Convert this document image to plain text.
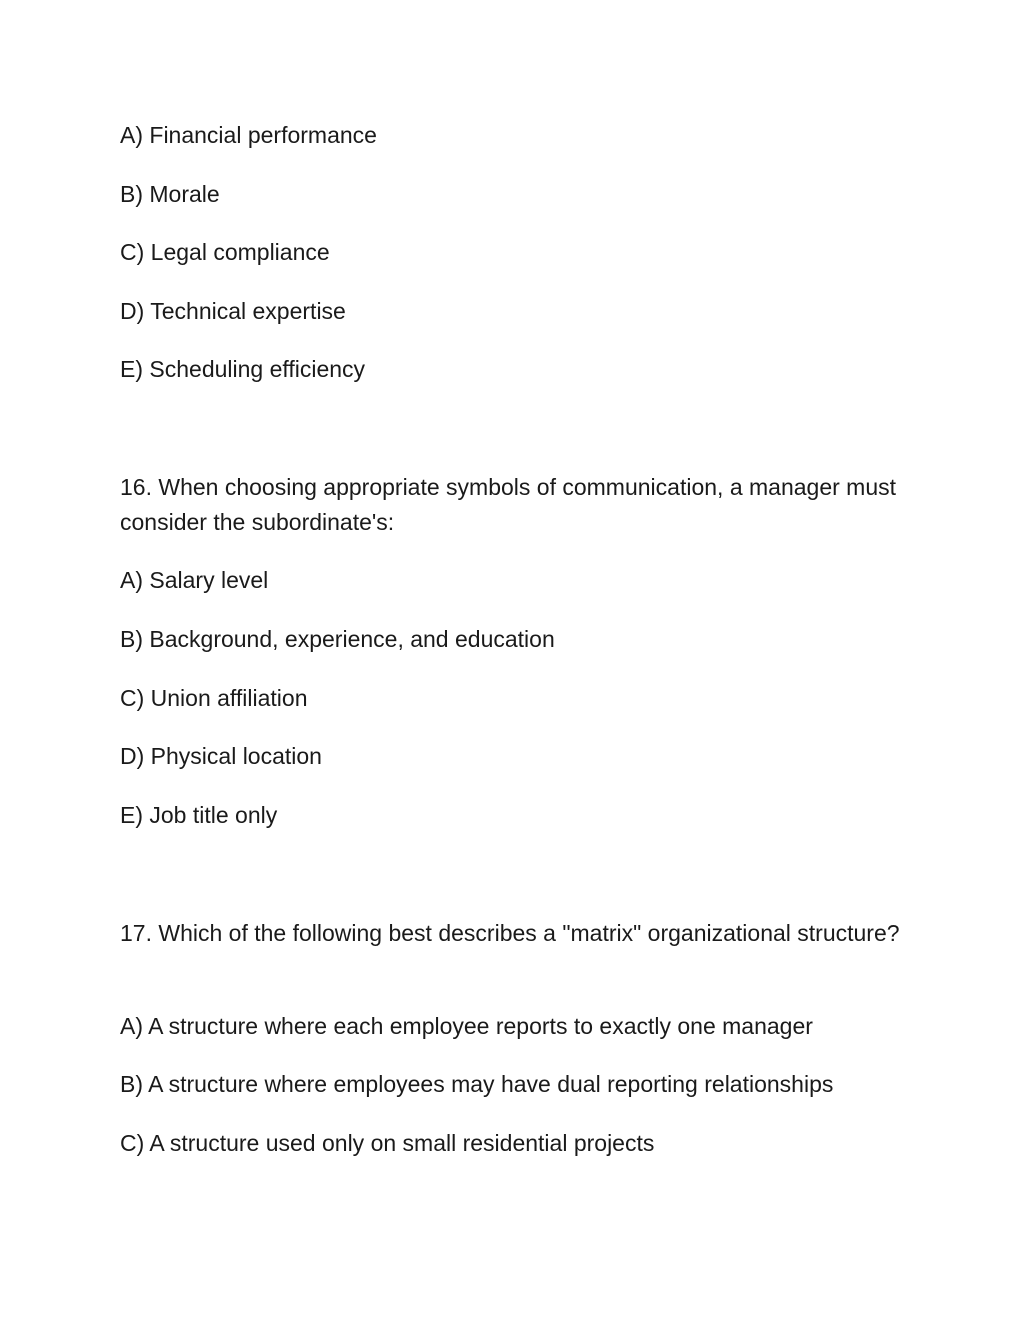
A) Financial performance
B) Morale
C) Legal compliance
D) Technical expertise
E) Scheduling efficiency
16. When choosing appropriate symbols of communication, a manager must consider the subordinate's:
A) Salary level
B) Background, experience, and education
C) Union affiliation
D) Physical location
E) Job title only
17. Which of the following best describes a "matrix" organizational structure?
A) A structure where each employee reports to exactly one manager
B) A structure where employees may have dual reporting relationships
C) A structure used only on small residential projects
